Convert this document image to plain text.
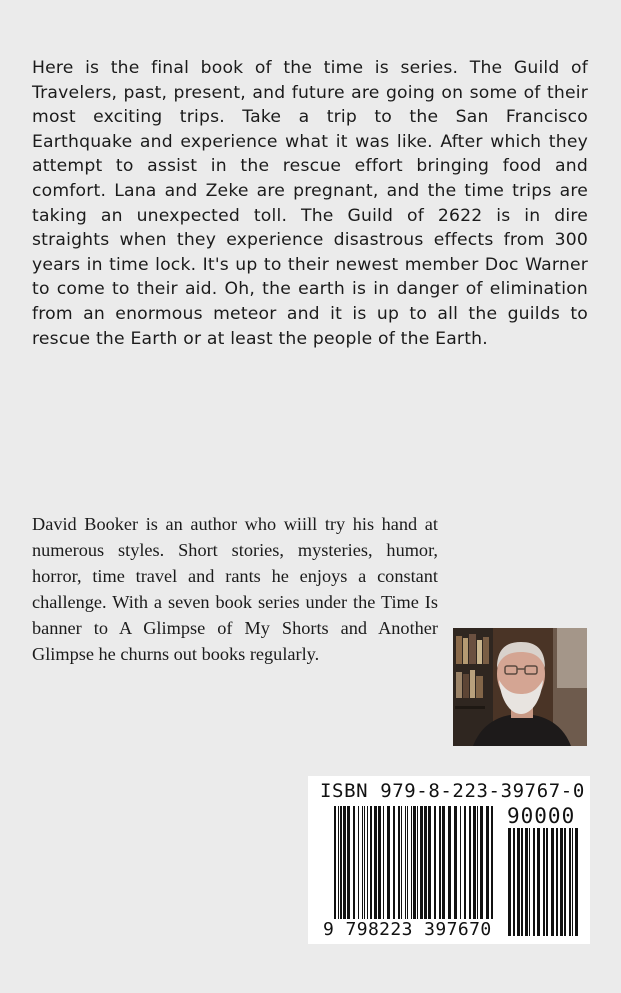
Here is the final book of the time is series. The Guild of Travelers, past, present, and future are going on some of their most exciting trips. Take a trip to the San Francisco Earthquake and experience what it was like. After which they attempt to assist in the rescue effort bringing food and comfort. Lana and Zeke are pregnant, and the time trips are taking an unexpected toll. The Guild of 2622 is in dire straights when they experience disastrous effects from 300 years in time lock. It's up to their newest member Doc Warner to come to their aid. Oh, the earth is in danger of elimination from an enormous meteor and it is up to all the guilds to rescue the Earth or at least the people of the Earth.

David Booker is an author who wiill try his hand at numerous styles. Short stories, mysteries, humor, horror, time travel and rants he enjoys a constant challenge. With a seven book series under the Time Is banner to A Glimpse of My Shorts and Another Glimpse he churns out books regularly.

ISBN 979-8-223-39767-0
90000
9 798223 397670
